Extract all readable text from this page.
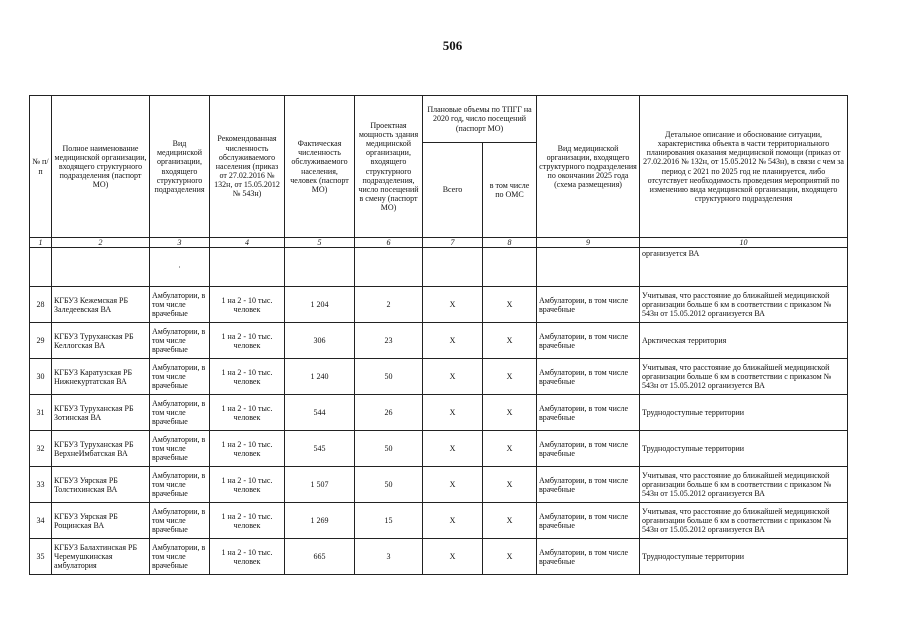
506
№ п/п	Полное наименование медицинской организации, входящего структурного подразделения (паспорт МО)	Вид медицинской организации, входящего структурного подразделения	Рекомендованная численность обслуживаемого населения (приказ от 27.02.2016 № 132н, от 15.05.2012 № 543н)	Фактическая численность обслуживаемого населения, человек (паспорт МО)	Проектная мощность здания медицинской организации, входящего структурного подразделения, число посещений в смену (паспорт МО)	Плановые объемы по ТПГГ на 2020 год, число посещений (паспорт МО)		Вид медицинской организации, входящего структурного подразделения по окончании 2025 года (схема размещения)	Детальное описание и обоснование ситуации, характеристика объекта в части территориального планирования оказания медицинской помощи (приказ от 27.02.2016 № 132н, от 15.05.2012 № 543н), в связи с чем за период с 2021 по 2025 год не планируется, либо отсутствует необходимость проведения мероприятий по изменению вида медицинской организации, входящего структурного подразделения
						Всего	в том числе по ОМС		
1	2	3	4	5	6	7	8	9	10
		·							организуется ВА
28	КГБУЗ Кежемская РБ Заледеевская ВА	Амбулатории, в том числе врачебные	1 на 2 - 10 тыс. человек	1 204	2	Х	Х	Амбулатории, в том числе врачебные	Учитывая, что расстояние до ближайшей медицинской организации больше 6 км в соответствии с приказом № 543н от 15.05.2012 организуется ВА
29	КГБУЗ Туруханская РБ Келлогская ВА	Амбулатории, в том числе врачебные	1 на 2 - 10 тыс. человек	306	23	Х	Х	Амбулатории, в том числе врачебные	Арктическая территория
30	КГБУЗ Каратузская РБ Нижнекуртатская ВА	Амбулатории, в том числе врачебные	1 на 2 - 10 тыс. человек	1 240	50	Х	Х	Амбулатории, в том числе врачебные	Учитывая, что расстояние до ближайшей медицинской организации больше 6 км в соответствии с приказом № 543н от 15.05.2012 организуется ВА
31	КГБУЗ Туруханская РБ Зотинская ВА	Амбулатории, в том числе врачебные	1 на 2 - 10 тыс. человек	544	26	Х	Х	Амбулатории, в том числе врачебные	Труднодоступные территории
32	КГБУЗ Туруханская РБ ВерхнеИмбатская ВА	Амбулатории, в том числе врачебные	1 на 2 - 10 тыс. человек	545	50	Х	Х	Амбулатории, в том числе врачебные	Труднодоступные территории
33	КГБУЗ Уярская РБ Толстихинская ВА	Амбулатории, в том числе врачебные	1 на 2 - 10 тыс. человек	1 507	50	Х	Х	Амбулатории, в том числе врачебные	Учитывая, что расстояние до ближайшей медицинской организации больше 6 км в соответствии с приказом № 543н от 15.05.2012 организуется ВА
34	КГБУЗ Уярская РБ Рощинская ВА	Амбулатории, в том числе врачебные	1 на 2 - 10 тыс. человек	1 269	15	Х	Х	Амбулатории, в том числе врачебные	Учитывая, что расстояние до ближайшей медицинской организации больше 6 км в соответствии с приказом № 543н от 15.05.2012 организуется ВА
35	КГБУЗ Балахтинская РБ Черемушкинская амбулатория	Амбулатории, в том числе врачебные	1 на 2 - 10 тыс. человек	665	3	Х	Х	Амбулатории, в том числе врачебные	Труднодоступные территории
